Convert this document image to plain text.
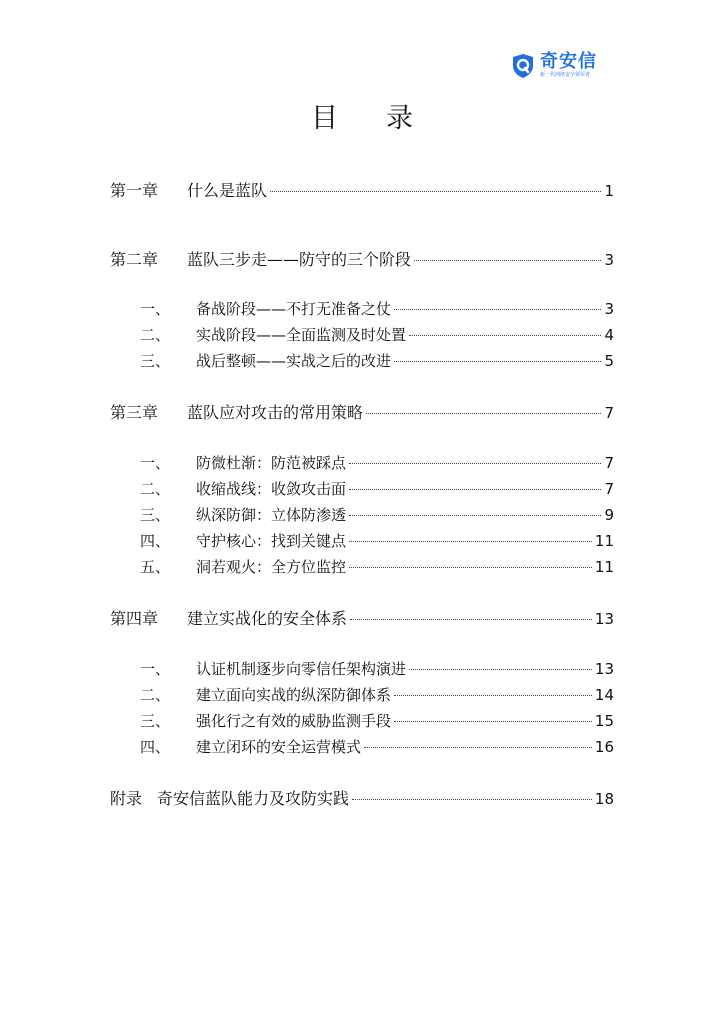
奇安信
新一代网络安全领军者
目录
第一章	什么是蓝队	1
第二章	蓝队三步走——防守的三个阶段	3
一、	备战阶段——不打无准备之仗	3
二、	实战阶段——全面监测及时处置	4
三、	战后整顿——实战之后的改进	5
第三章	蓝队应对攻击的常用策略	7
一、	防微杜渐：防范被踩点	7
二、	收缩战线：收敛攻击面	7
三、	纵深防御：立体防渗透	9
四、	守护核心：找到关键点	11
五、	洞若观火：全方位监控	11
第四章	建立实战化的安全体系	13
一、	认证机制逐步向零信任架构演进	13
二、	建立面向实战的纵深防御体系	14
三、	强化行之有效的威胁监测手段	15
四、	建立闭环的安全运营模式	16
附录 奇安信蓝队能力及攻防实践	18
